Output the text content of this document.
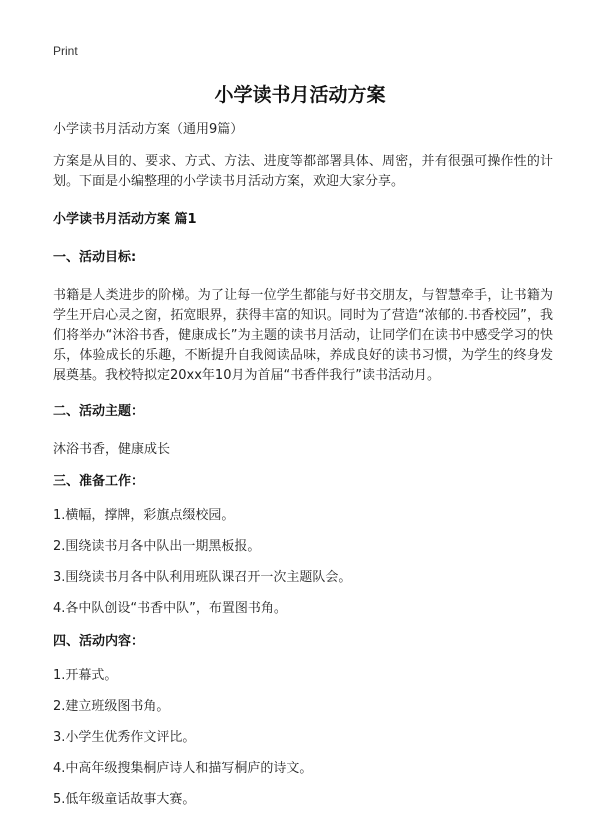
Print
小学读书月活动方案

小学读书月活动方案（通用9篇）

方案是从目的、要求、方式、方法、进度等都部署具体、周密，并有很强可操作性的计划。下面是小编整理的小学读书月活动方案，欢迎大家分享。

小学读书月活动方案 篇1

一、活动目标:

书籍是人类进步的阶梯。为了让每一位学生都能与好书交朋友，与智慧牵手，让书籍为学生开启心灵之窗，拓宽眼界，获得丰富的知识。同时为了营造“浓郁的.书香校园”，我们将举办“沐浴书香，健康成长”为主题的读书月活动，让同学们在读书中感受学习的快乐，体验成长的乐趣，不断提升自我阅读品味，养成良好的读书习惯，为学生的终身发展奠基。我校特拟定20xx年10月为首届“书香伴我行”读书活动月。

二、活动主题：

沐浴书香，健康成长

三、准备工作：

1.横幅，撑牌，彩旗点缀校园。

2.围绕读书月各中队出一期黑板报。

3.围绕读书月各中队利用班队课召开一次主题队会。

4.各中队创设“书香中队”，布置图书角。

四、活动内容：

1.开幕式。

2.建立班级图书角。

3.小学生优秀作文评比。

4.中高年级搜集桐庐诗人和描写桐庐的诗文。

5.低年级童话故事大赛。
